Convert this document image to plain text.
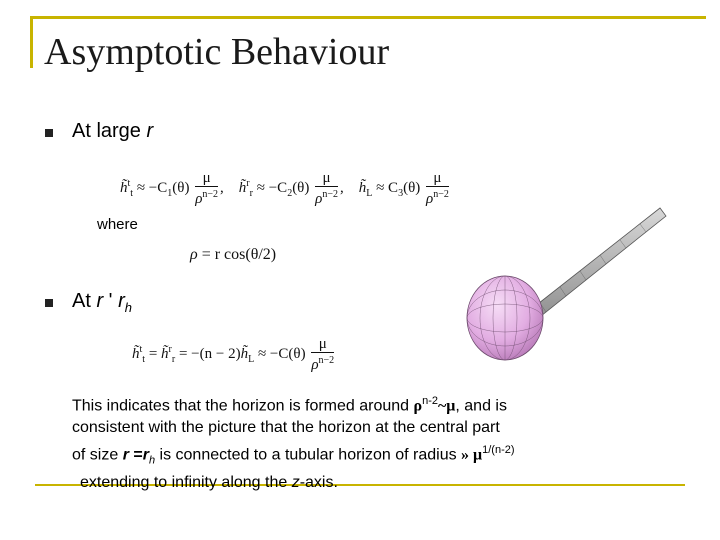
Asymptotic Behaviour
At large r
h̃$^t_t$ ≈ $-C_1(\theta) \frac{\mu}{\rho^{n-2}}$ , h̃$^r_r$ ≈ $-C_2(\theta) \frac{\mu}{\rho^{n-2}}$ , $h̃_L \approx C_3(\theta) \frac{\mu}{\rho^{n-2}}$
where
ρ = r cos(θ/2)
At r ' $r_h$
h̃$^t_t$ = h̃$^r_r$ = $-(n - 2)h̃_L \approx -C(\theta) \frac{\mu}{\rho^{n-2}}$
This indicates that the horizon is formed around $\rho^{n-2}\sim\mu$, and is
consistent with the picture that the horizon at the central part
of size $r =r_h$ is connected to a tubular horizon of radius » $\mu^{1/(n-2)}$
extending to infinity along the z-axis.
